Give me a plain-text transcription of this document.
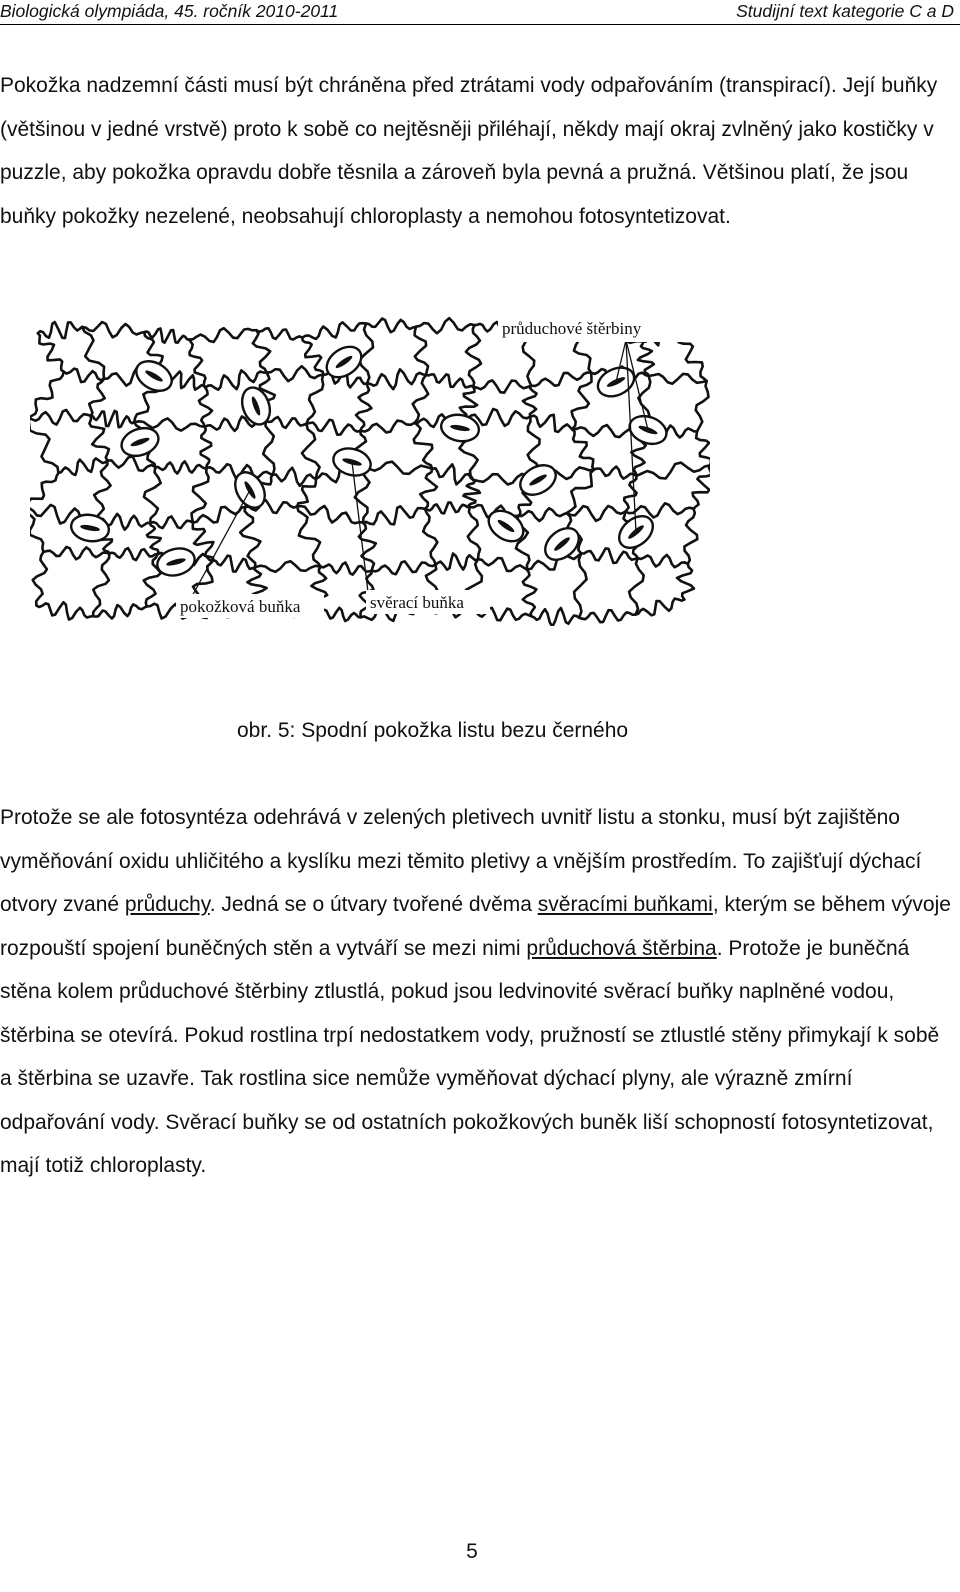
Biologická olympiáda, 45. ročník 2010-2011	Studijní text kategorie C a D

Pokožka nadzemní části musí být chráněna před ztrátami vody odpařováním (transpirací). Její buňky (většinou v jedné vrstvě) proto k sobě co nejtěsněji přiléhají, někdy mají okraj zvlněný jako kostičky v puzzle, aby pokožka opravdu dobře těsnila a zároveň byla pevná a pružná. Většinou platí, že jsou buňky pokožky nezelené, neobsahují chloroplasty a nemohou fotosyntetizovat.

průduchové štěrbiny
pokožková buňka	svěrací buňka
obr. 5: Spodní pokožka listu bezu černého

Protože se ale fotosyntéza odehrává v zelených pletivech uvnitř listu a stonku, musí být zajištěno vyměňování oxidu uhličitého a kyslíku mezi těmito pletivy a vnějším prostředím. To zajišťují dýchací otvory zvané průduchy. Jedná se o útvary tvořené dvěma svěracími buňkami, kterým se během vývoje rozpouští spojení buněčných stěn a vytváří se mezi nimi průduchová štěrbina. Protože je buněčná stěna kolem průduchové štěrbiny ztlustlá, pokud jsou ledvinovité svěrací buňky naplněné vodou, štěrbina se otevírá. Pokud rostlina trpí nedostatkem vody, pružností se ztlustlé stěny přimykají k sobě a štěrbina se uzavře. Tak rostlina sice nemůže vyměňovat dýchací plyny, ale výrazně zmírní odpařování vody. Svěrací buňky se od ostatních pokožkových buněk liší schopností fotosyntetizovat, mají totiž chloroplasty.

5
